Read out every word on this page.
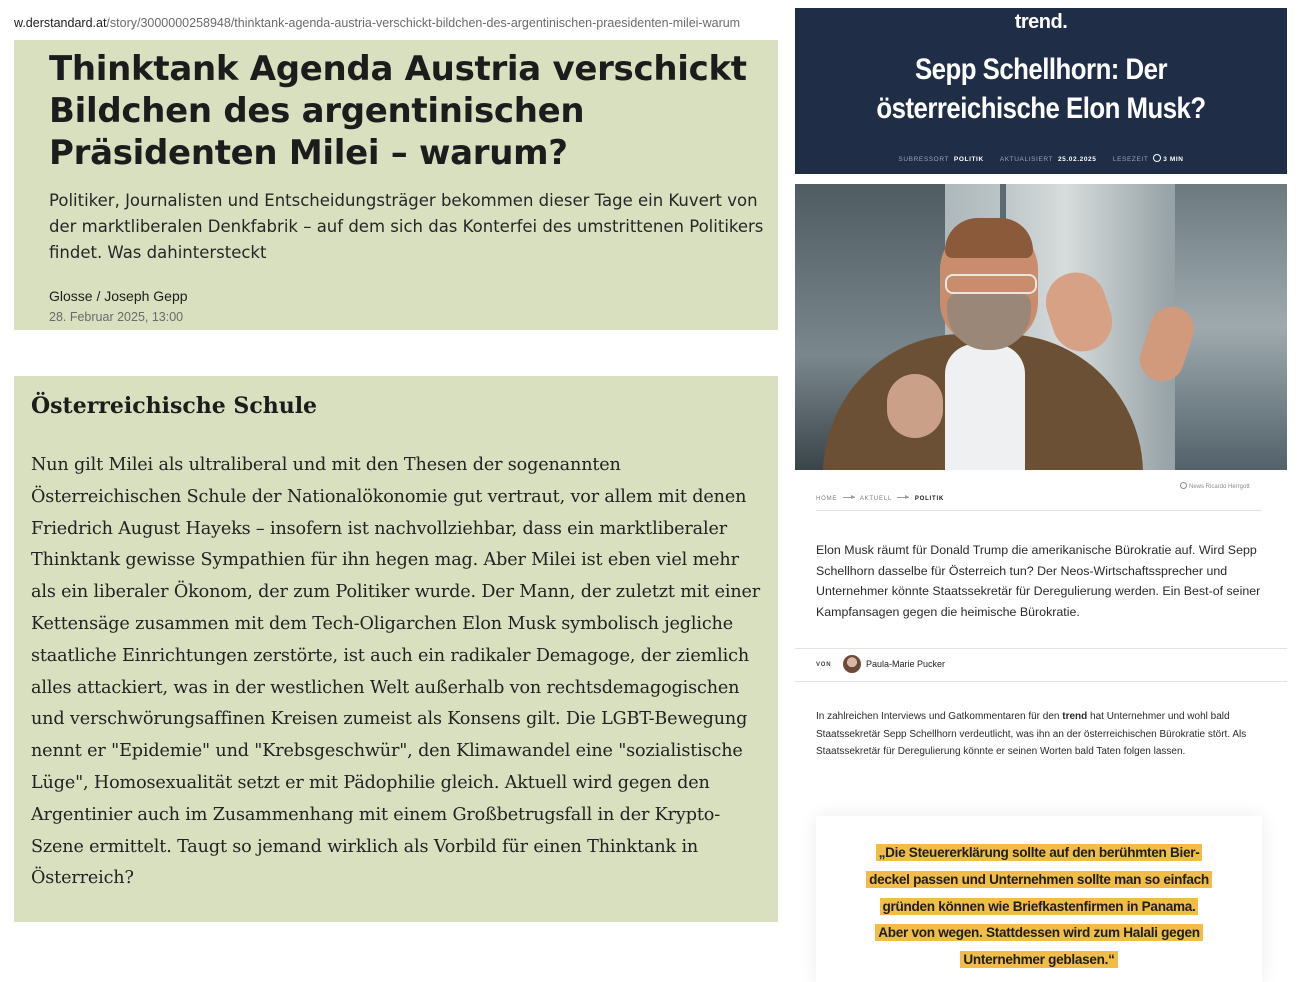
w.derstandard.at/story/3000000258948/thinktank-agenda-austria-verschickt-bildchen-des-argentinischen-praesidenten-milei-warum
Thinktank Agenda Austria verschickt Bildchen des argentinischen Präsidenten Milei – warum?

Politiker, Journalisten und Entscheidungsträger bekommen dieser Tage ein Kuvert von der marktliberalen Denkfabrik – auf dem sich das Konterfei des umstrittenen Politikers findet. Was dahintersteckt

Glosse / Joseph Gepp
28. Februar 2025, 13:00
Österreichische Schule

Nun gilt Milei als ultraliberal und mit den Thesen der sogenannten Österreichischen Schule der Nationalökonomie gut vertraut, vor allem mit denen Friedrich August Hayeks – insofern ist nachvollziehbar, dass ein marktliberaler Thinktank gewisse Sympathien für ihn hegen mag. Aber Milei ist eben viel mehr als ein liberaler Ökonom, der zum Politiker wurde. Der Mann, der zuletzt mit einer Kettensäge zusammen mit dem Tech-Oligarchen Elon Musk symbolisch jegliche staatliche Einrichtungen zerstörte, ist auch ein radikaler Demagoge, der ziemlich alles attackiert, was in der westlichen Welt außerhalb von rechtsdemagogischen und verschwörungsaffinen Kreisen zumeist als Konsens gilt. Die LGBT-Bewegung nennt er "Epidemie" und "Krebsgeschwür", den Klimawandel eine "sozialistische Lüge", Homosexualität setzt er mit Pädophilie gleich. Aktuell wird gegen den Argentinier auch im Zusammenhang mit einem Großbetrugsfall in der Krypto-Szene ermittelt. Taugt so jemand wirklich als Vorbild für einen Thinktank in Österreich?

trend.
Sepp Schellhorn: Der österreichische Elon Musk?
SUBRESSORT POLITIK AKTUALISIERT 25.02.2025	LESEZEIT 3 MIN
News Ricardo Herrgott
HOME	AKTUELL	POLITIK
Elon Musk räumt für Donald Trump die amerikanische Bürokratie auf. Wird Sepp Schellhorn dasselbe für Österreich tun? Der Neos-Wirtschaftssprecher und Unternehmer könnte Staatssekretär für Deregulierung werden. Ein Best-of seiner Kampfansagen gegen die heimische Bürokratie.
VON	Paula-Marie Pucker
In zahlreichen Interviews und Gatkommentaren für den trend hat Unternehmer und wohl bald Staatssekretär Sepp Schellhorn verdeutlicht, was ihn an der österreichischen Bürokratie stört. Als Staatssekretär für Deregulierung könnte er seinen Worten bald Taten folgen lassen.
„Die Steuererklärung sollte auf den berühmten Bier-
deckel passen und Unternehmen sollte man so einfach
gründen können wie Briefkastenfirmen in Panama.
Aber von wegen. Stattdessen wird zum Halali gegen
Unternehmer geblasen.“
